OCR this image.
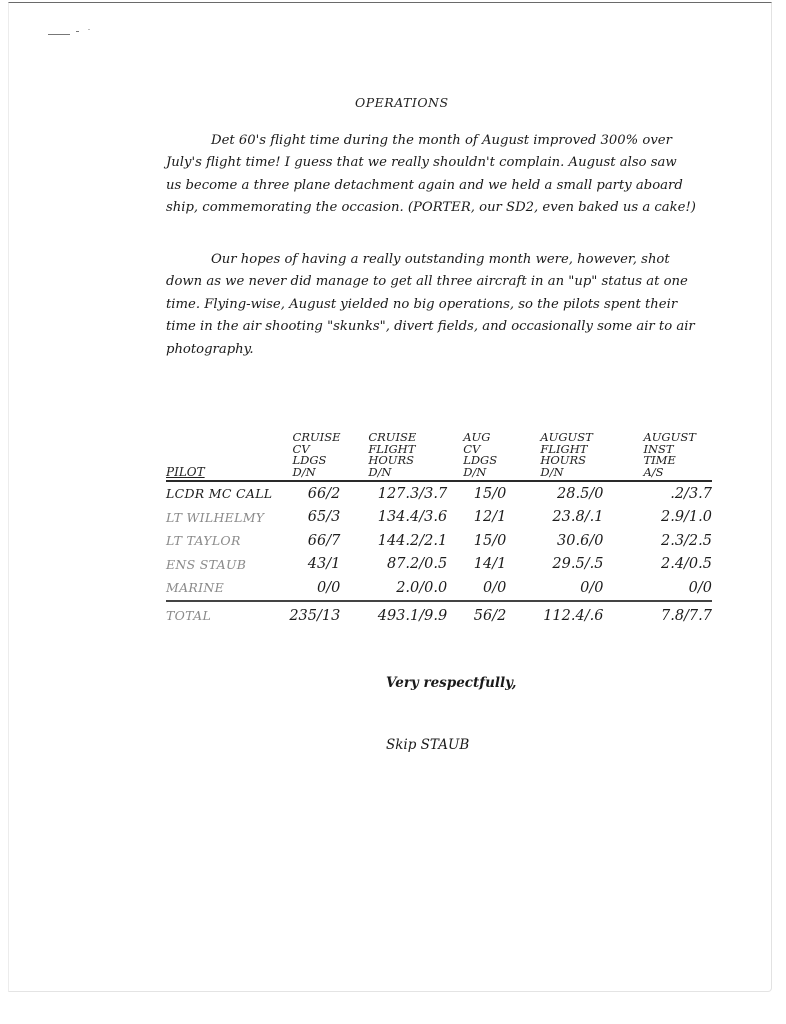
OPERATIONS

Det 60's flight time during the month of August improved 300% over July's flight time! I guess that we really shouldn't complain. August also saw us become a three plane detachment again and we held a small party aboard ship, commemorating the occasion. (PORTER, our SD2, even baked us a cake!)

Our hopes of having a really outstanding month were, however, shot down as we never did manage to get all three aircraft in an "up" status at one time. Flying-wise, August yielded no big operations, so the pilots spent their time in the air shooting "skunks", divert fields, and occasionally some air to air photography.

PILOT	CRUISE
CV
LDGS
D/N	CRUISE
FLIGHT
HOURS
D/N	AUG
CV
LDGS
D/N	AUGUST
FLIGHT
HOURS
D/N	AUGUST
INST
TIME
A/S

LCDR MC CALL	66/2	127.3/3.7	15/0	28.5/0	.2/3.7
LT WILHELMY	65/3	134.4/3.6	12/1	23.8/.1	2.9/1.0
LT TAYLOR	66/7	144.2/2.1	15/0	30.6/0	2.3/2.5
ENS STAUB	43/1	87.2/0.5	14/1	29.5/.5	2.4/0.5
MARINE	0/0	2.0/0.0	0/0	0/0	0/0
TOTAL	235/13	493.1/9.9	56/2	112.4/.6	7.8/7.7
Very respectfully,
Skip STAUB
